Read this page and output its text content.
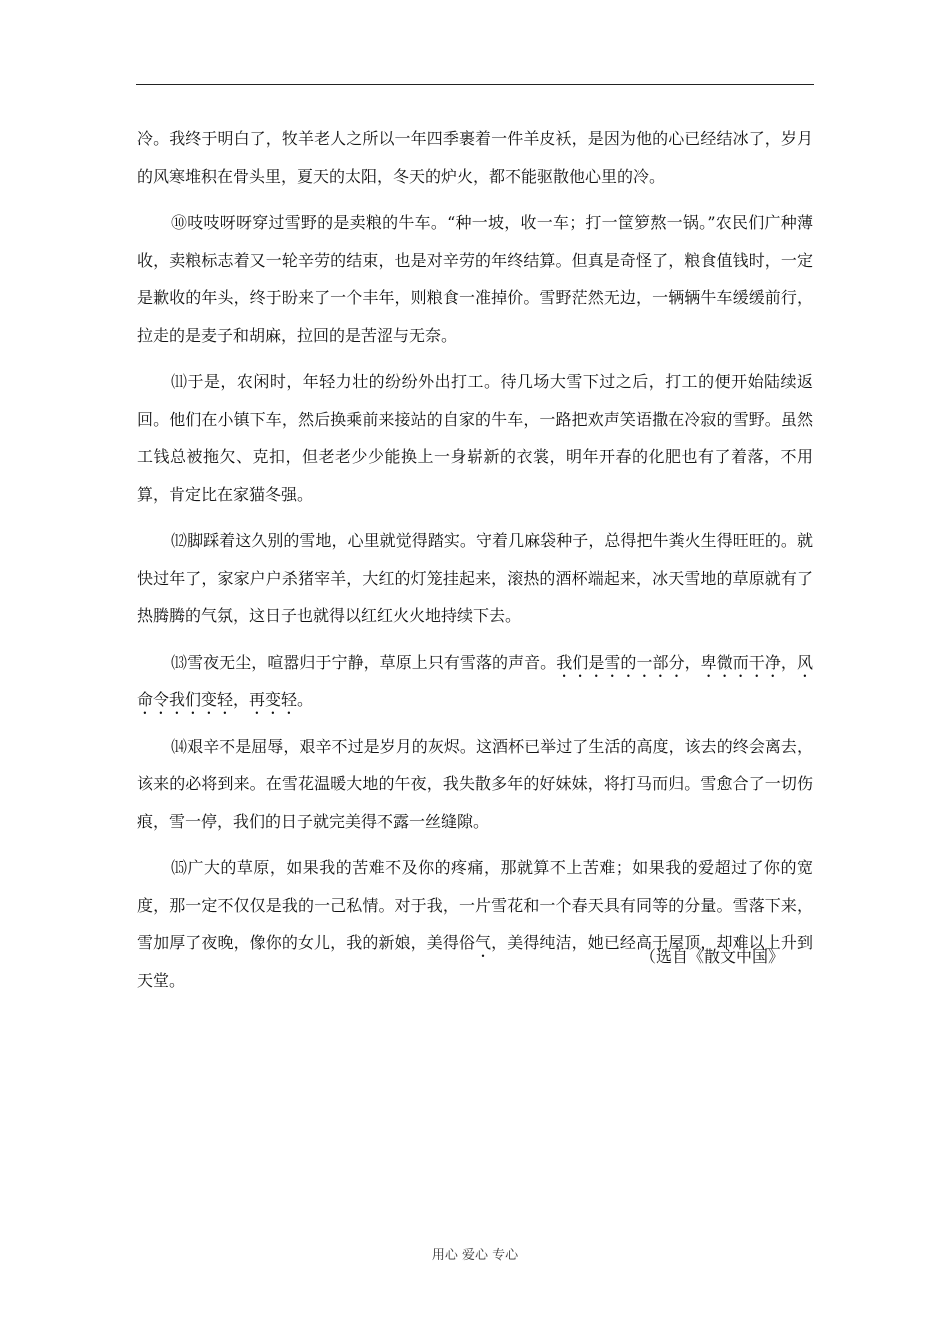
冷。我终于明白了，牧羊老人之所以一年四季裹着一件羊皮袄，是因为他的心已经结冰了，岁月的风寒堆积在骨头里，夏天的太阳，冬天的炉火，都不能驱散他心里的冷。

⑩吱吱呀呀穿过雪野的是卖粮的牛车。“种一坡，收一车；打一筐箩熬一锅。”农民们广种薄收，卖粮标志着又一轮辛劳的结束，也是对辛劳的年终结算。但真是奇怪了，粮食值钱时，一定是歉收的年头，终于盼来了一个丰年，则粮食一准掉价。雪野茫然无边，一辆辆牛车缓缓前行，拉走的是麦子和胡麻，拉回的是苦涩与无奈。

⑾于是，农闲时，年轻力壮的纷纷外出打工。待几场大雪下过之后，打工的便开始陆续返回。他们在小镇下车，然后换乘前来接站的自家的牛车，一路把欢声笑语撒在冷寂的雪野。虽然工钱总被拖欠、克扣，但老老少少能换上一身崭新的衣裳，明年开春的化肥也有了着落，不用算，肯定比在家猫冬强。

⑿脚踩着这久别的雪地，心里就觉得踏实。守着几麻袋种子，总得把牛粪火生得旺旺的。就快过年了，家家户户杀猪宰羊，大红的灯笼挂起来，滚热的酒杯端起来，冰天雪地的草原就有了热腾腾的气氛，这日子也就得以红红火火地持续下去。

⒀雪夜无尘，喧嚣归于宁静，草原上只有雪落的声音。我们是雪的一部分，卑微而干净，风命令我们变轻，再变轻。

⒁艰辛不是屈辱，艰辛不过是岁月的灰烬。这酒杯已举过了生活的高度，该去的终会离去，该来的必将到来。在雪花温暖大地的午夜，我失散多年的好妹妹，将打马而归。雪愈合了一切伤痕，雪一停，我们的日子就完美得不露一丝缝隙。

⒂广大的草原，如果我的苦难不及你的疼痛，那就算不上苦难；如果我的爱超过了你的宽度，那一定不仅仅是我的一己私情。对于我，一片雪花和一个春天具有同等的分量。雪落下来，雪加厚了夜晚，像你的女儿，我的新娘，美得俗气，美得纯洁，她已经高于屋顶，却难以上升到天堂。

（选自《散文中国》
用心 爱心 专心
